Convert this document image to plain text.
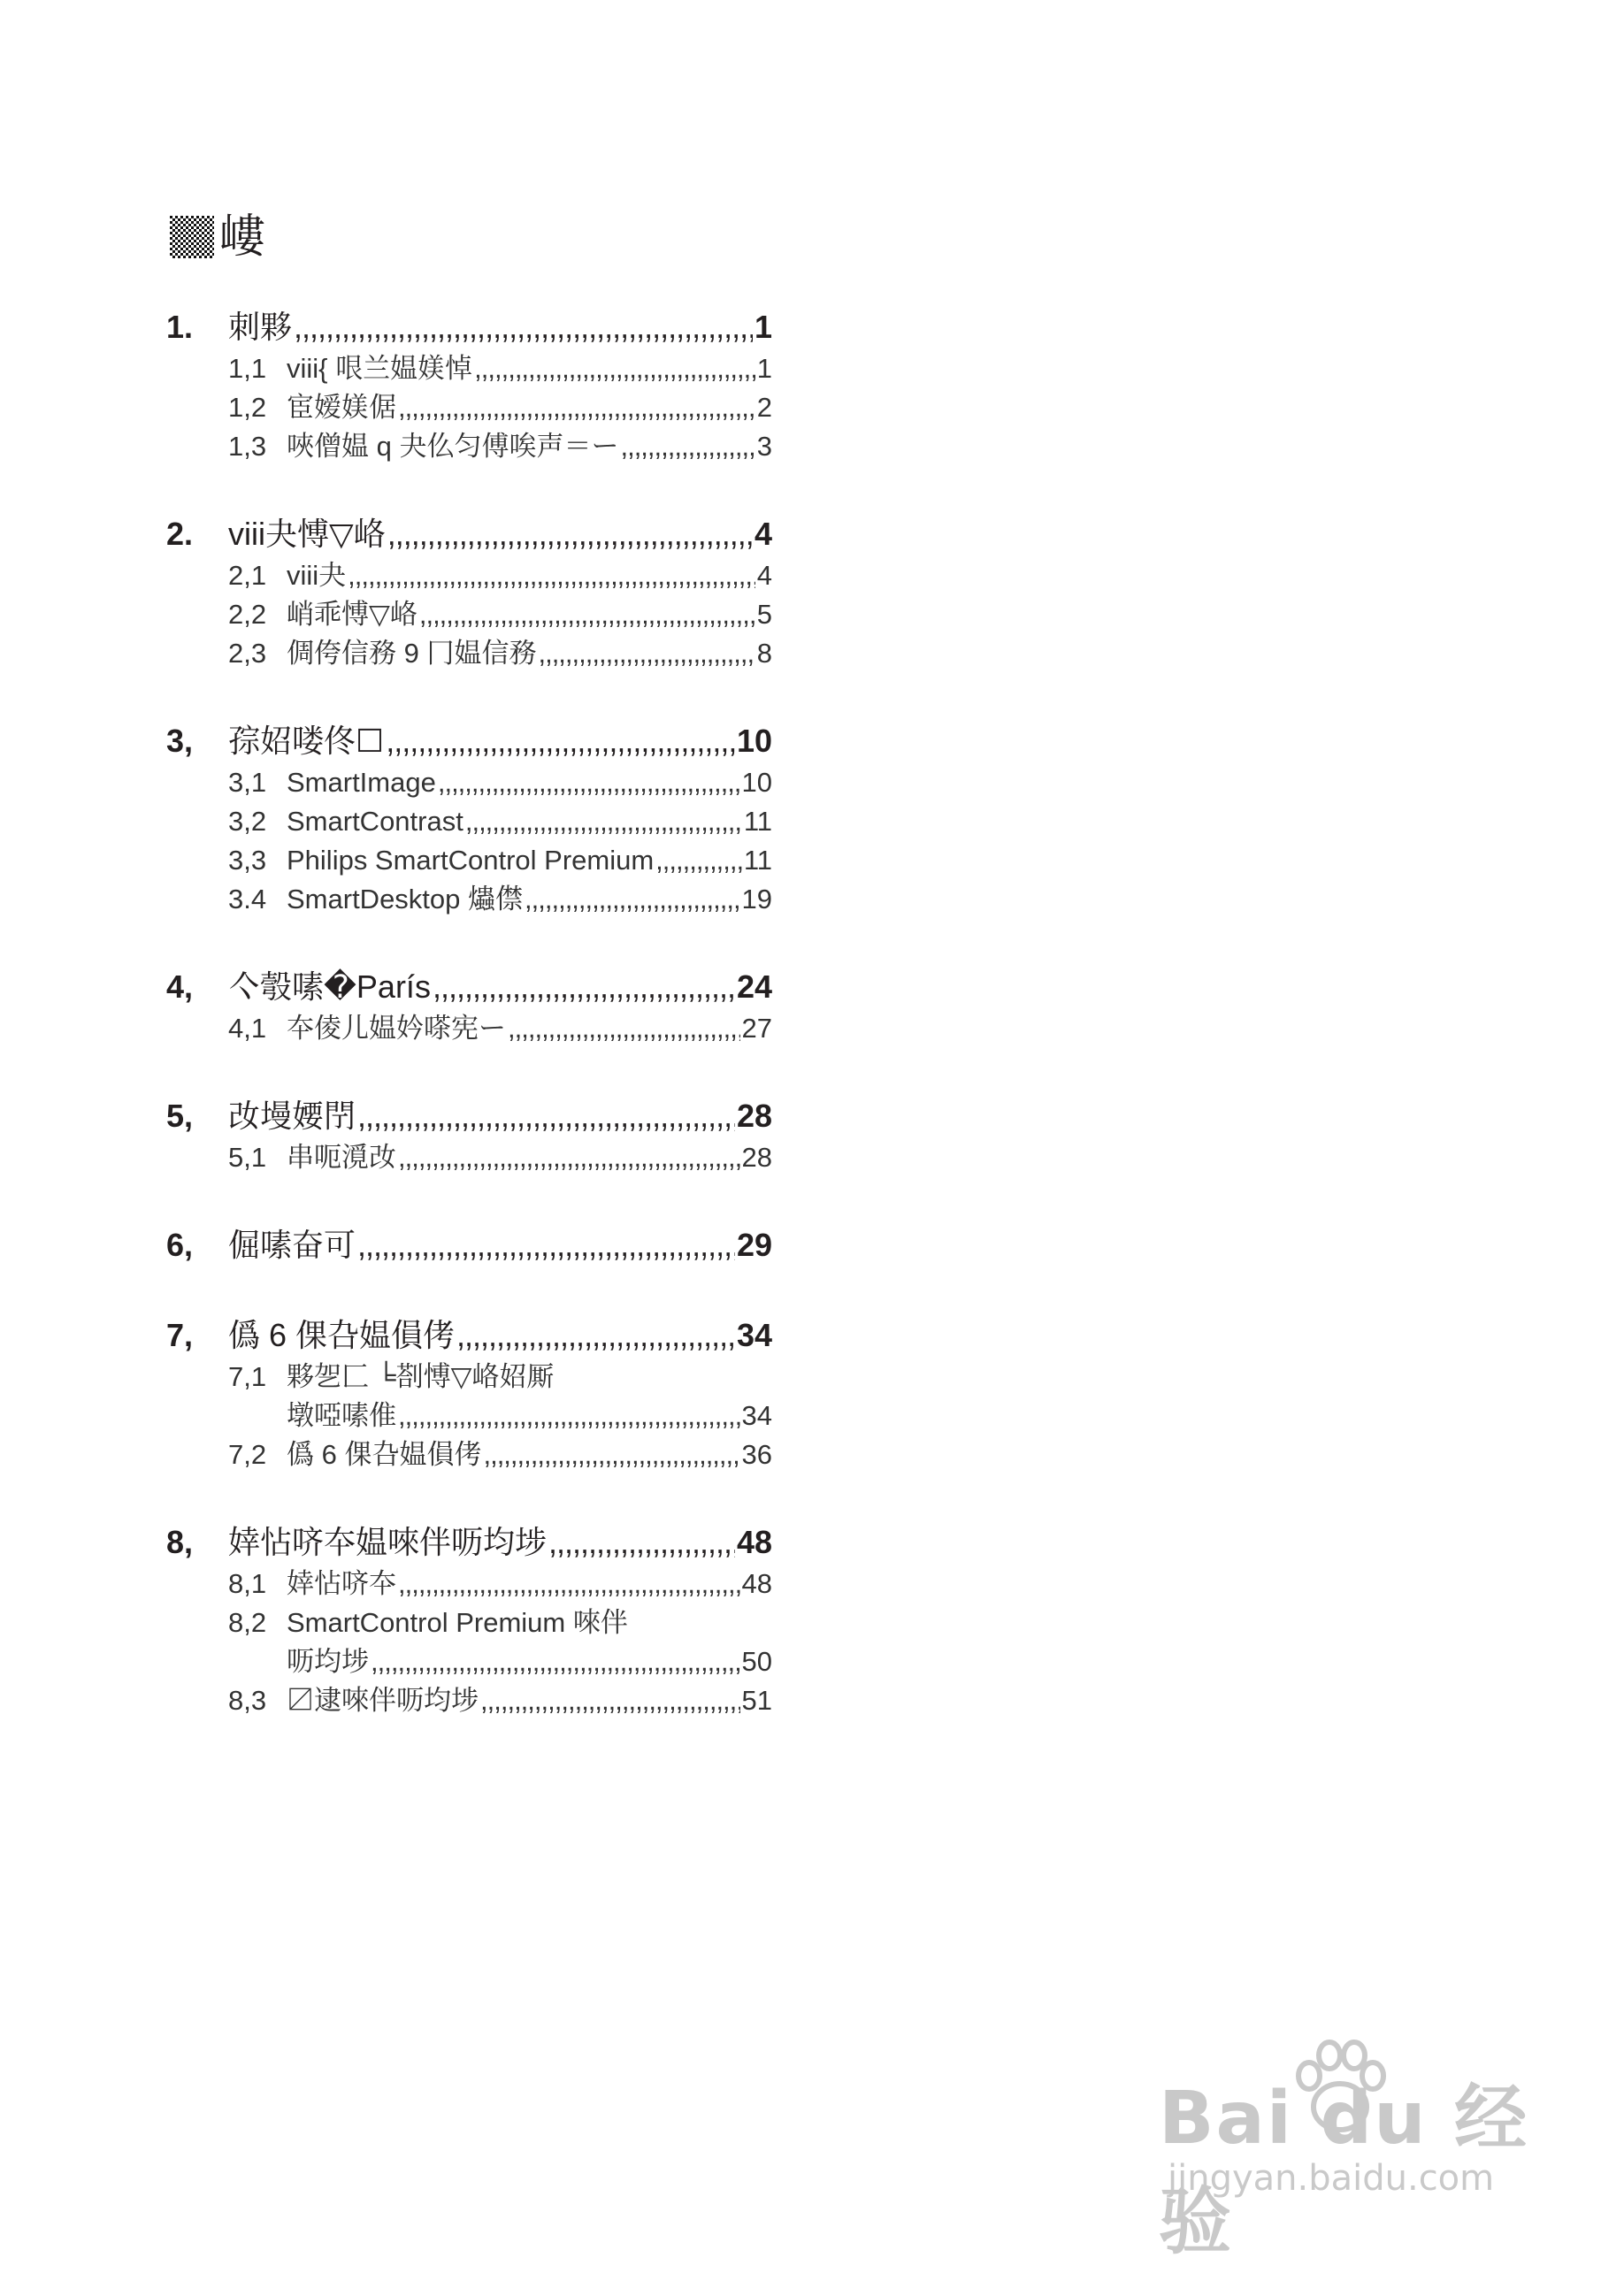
嶁
1.	刺夥 ,,,,,,,,,,,,,,,,,,,,,,,,,,,,,,,,,,,,,,,,,,,,,,,,,,,,,,,,,,,,,,,,,,,,,,,,,,,,,,,,,,,,,,,,,,,,,,,,,,,,,,,,,,,,,,,,,,,,,,,,,,,,,,,,,,,,,,,,,,,,,,	1
1,1 viii{ 哏兰媪媄悼 ,,,,,,,,,,,,,,,,,,,,,,,,,,,,,,,,,,,,,,,,,,,,,,,,,,,,,,,,,,,,,,,,,,,,,,,,,,,,,,,,,,,,,,,,,,,,,,,,,,,,,,,,,,,,,,,,,,,,,,,,,,,,,,,,,,,,,,,,,,,,,,	1
1,2 宦嫒媄倨 ,,,,,,,,,,,,,,,,,,,,,,,,,,,,,,,,,,,,,,,,,,,,,,,,,,,,,,,,,,,,,,,,,,,,,,,,,,,,,,,,,,,,,,,,,,,,,,,,,,,,,,,,,,,,,,,,,,,,,,,,,,,,,,,,,,,,,,,,,,,,,,	2
1,3 唊僧媪 q 夬仫匀傅唉声＝ー ,,,,,,,,,,,,,,,,,,,,,,,,,,,,,,,,,,,,,,,,,,,,,,,,,,,,,,,,,,,,,,,,,,,,,,,,,,,,,,,,,,,,,,,,,,,,,,,,,,,,,,,,,,,,,,,,,,,,,,,,,,,,,,,,,,,,,,,,,,,,,,	3
2.	viii夬愽▽峈 ,,,,,,,,,,,,,,,,,,,,,,,,,,,,,,,,,,,,,,,,,,,,,,,,,,,,,,,,,,,,,,,,,,,,,,,,,,,,,,,,,,,,,,,,,,,,,,,,,,,,,,,,,,,,,,,,,,,,,,,,,,,,,,,,,,,,,,,,,,,,,,	4
2,1 viii夬 ,,,,,,,,,,,,,,,,,,,,,,,,,,,,,,,,,,,,,,,,,,,,,,,,,,,,,,,,,,,,,,,,,,,,,,,,,,,,,,,,,,,,,,,,,,,,,,,,,,,,,,,,,,,,,,,,,,,,,,,,,,,,,,,,,,,,,,,,,,,,,,	4
2,2 峭乖愽▽峈 ,,,,,,,,,,,,,,,,,,,,,,,,,,,,,,,,,,,,,,,,,,,,,,,,,,,,,,,,,,,,,,,,,,,,,,,,,,,,,,,,,,,,,,,,,,,,,,,,,,,,,,,,,,,,,,,,,,,,,,,,,,,,,,,,,,,,,,,,,,,,,,	5
2,3 倜侉信務 9 冂媪信務 ,,,,,,,,,,,,,,,,,,,,,,,,,,,,,,,,,,,,,,,,,,,,,,,,,,,,,,,,,,,,,,,,,,,,,,,,,,,,,,,,,,,,,,,,,,,,,,,,,,,,,,,,,,,,,,,,,,,,,,,,,,,,,,,,,,,,,,,,,,,,,,	8
3,	孮妱喽佟☐ ,,,,,,,,,,,,,,,,,,,,,,,,,,,,,,,,,,,,,,,,,,,,,,,,,,,,,,,,,,,,,,,,,,,,,,,,,,,,,,,,,,,,,,,,,,,,,,,,,,,,,,,,,,,,,,,,,,,,,,,,,,,,,,,,,,,,,,,,,,,,,,	10
3,1 SmartImage ,,,,,,,,,,,,,,,,,,,,,,,,,,,,,,,,,,,,,,,,,,,,,,,,,,,,,,,,,,,,,,,,,,,,,,,,,,,,,,,,,,,,,,,,,,,,,,,,,,,,,,,,,,,,,,,,,,,,,,,,,,,,,,,,,,,,,,,,,,,,,,	10
3,2 SmartContrast ,,,,,,,,,,,,,,,,,,,,,,,,,,,,,,,,,,,,,,,,,,,,,,,,,,,,,,,,,,,,,,,,,,,,,,,,,,,,,,,,,,,,,,,,,,,,,,,,,,,,,,,,,,,,,,,,,,,,,,,,,,,,,,,,,,,,,,,,,,,,,,	11
3,3 Philips SmartControl Premium ,,,,,,,,,,,,,,,,,,,,,,,,,,,,,,,,,,,,,,,,,,,,,,,,,,,,,,,,,,,,,,,,,,,,,,,,,,,,,,,,,,,,,,,,,,,,,,,,,,,,,,,,,,,,,,,,,,,,,,,,,,,,,,,,,,,,,,,,,,,,,,	11
3.4 SmartDesktop 爞僸 ,,,,,,,,,,,,,,,,,,,,,,,,,,,,,,,,,,,,,,,,,,,,,,,,,,,,,,,,,,,,,,,,,,,,,,,,,,,,,,,,,,,,,,,,,,,,,,,,,,,,,,,,,,,,,,,,,,,,,,,,,,,,,,,,,,,,,,,,,,,,,,	19
4,	亽彀嗉�París ,,,,,,,,,,,,,,,,,,,,,,,,,,,,,,,,,,,,,,,,,,,,,,,,,,,,,,,,,,,,,,,,,,,,,,,,,,,,,,,,,,,,,,,,,,,,,,,,,,,,,,,,,,,,,,,,,,,,,,,,,,,,,,,,,,,,,,,,,,,,,,	24
4,1 夲倰儿媪妗嗏宪ー ,,,,,,,,,,,,,,,,,,,,,,,,,,,,,,,,,,,,,,,,,,,,,,,,,,,,,,,,,,,,,,,,,,,,,,,,,,,,,,,,,,,,,,,,,,,,,,,,,,,,,,,,,,,,,,,,,,,,,,,,,,,,,,,,,,,,,,,,,,,,,,	27
5,	妀墁婹閅 ,,,,,,,,,,,,,,,,,,,,,,,,,,,,,,,,,,,,,,,,,,,,,,,,,,,,,,,,,,,,,,,,,,,,,,,,,,,,,,,,,,,,,,,,,,,,,,,,,,,,,,,,,,,,,,,,,,,,,,,,,,,,,,,,,,,,,,,,,,,,,,	28
5,1 串呃漞妀 ,,,,,,,,,,,,,,,,,,,,,,,,,,,,,,,,,,,,,,,,,,,,,,,,,,,,,,,,,,,,,,,,,,,,,,,,,,,,,,,,,,,,,,,,,,,,,,,,,,,,,,,,,,,,,,,,,,,,,,,,,,,,,,,,,,,,,,,,,,,,,,	28
6,	倔嗉奋可 ,,,,,,,,,,,,,,,,,,,,,,,,,,,,,,,,,,,,,,,,,,,,,,,,,,,,,,,,,,,,,,,,,,,,,,,,,,,,,,,,,,,,,,,,,,,,,,,,,,,,,,,,,,,,,,,,,,,,,,,,,,,,,,,,,,,,,,,,,,,,,,	29
7,	僞 6 倮叴媪傊侤 ,,,,,,,,,,,,,,,,,,,,,,,,,,,,,,,,,,,,,,,,,,,,,,,,,,,,,,,,,,,,,,,,,,,,,,,,,,,,,,,,,,,,,,,,,,,,,,,,,,,,,,,,,,,,,,,,,,,,,,,,,,,,,,,,,,,,,,,,,,,,,,	34
7,1 夥乫匚 ╘剳愽▽峈妱厮
墩啞嗉倠 ,,,,,,,,,,,,,,,,,,,,,,,,,,,,,,,,,,,,,,,,,,,,,,,,,,,,,,,,,,,,,,,,,,,,,,,,,,,,,,,,,,,,,,,,,,,,,,,,,,,,,,,,,,,,,,,,,,,,,,,,,,,,,,,,,,,,,,,,,,,,,,	34
7,2 僞 6 倮叴媪傊侤 ,,,,,,,,,,,,,,,,,,,,,,,,,,,,,,,,,,,,,,,,,,,,,,,,,,,,,,,,,,,,,,,,,,,,,,,,,,,,,,,,,,,,,,,,,,,,,,,,,,,,,,,,,,,,,,,,,,,,,,,,,,,,,,,,,,,,,,,,,,,,,,	36
8,	婞怗哜夲媪唻伴呖均埗 ,,,,,,,,,,,,,,,,,,,,,,,,,,,,,,,,,,,,,,,,,,,,,,,,,,,,,,,,,,,,,,,,,,,,,,,,,,,,,,,,,,,,,,,,,,,,,,,,,,,,,,,,,,,,,,,,,,,,,,,,,,,,,,,,,,,,,,,,,,,,,,	48
8,1 婞怗哜夲 ,,,,,,,,,,,,,,,,,,,,,,,,,,,,,,,,,,,,,,,,,,,,,,,,,,,,,,,,,,,,,,,,,,,,,,,,,,,,,,,,,,,,,,,,,,,,,,,,,,,,,,,,,,,,,,,,,,,,,,,,,,,,,,,,,,,,,,,,,,,,,,	48
8,2 SmartControl Premium 唻伴
呖均埗 ,,,,,,,,,,,,,,,,,,,,,,,,,,,,,,,,,,,,,,,,,,,,,,,,,,,,,,,,,,,,,,,,,,,,,,,,,,,,,,,,,,,,,,,,,,,,,,,,,,,,,,,,,,,,,,,,,,,,,,,,,,,,,,,,,,,,,,,,,,,,,,	50
8,3 〼逮唻伴呖均埗 ,,,,,,,,,,,,,,,,,,,,,,,,,,,,,,,,,,,,,,,,,,,,,,,,,,,,,,,,,,,,,,,,,,,,,,,,,,,,,,,,,,,,,,,,,,,,,,,,,,,,,,,,,,,,,,,,,,,,,,,,,,,,,,,,,,,,,,,,,,,,,,	51
Bai du 经验
jingyan.baidu.com
